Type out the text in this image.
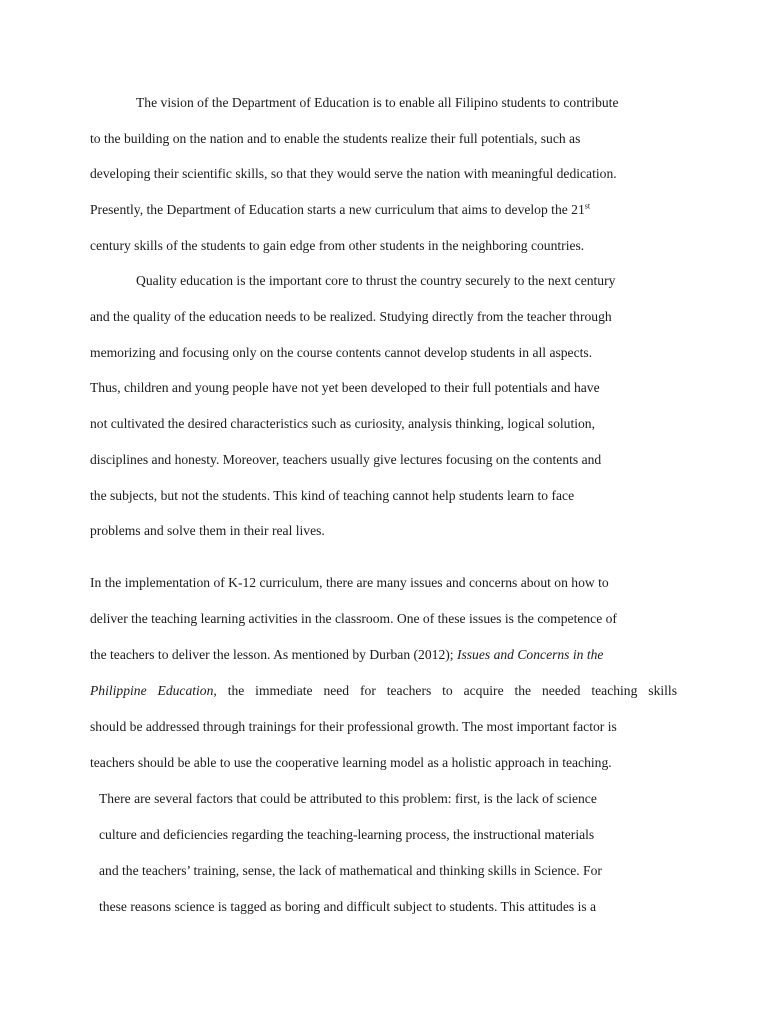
The vision of the Department of Education is to enable all Filipino students to contribute
to the building on the nation and to enable the students realize their full potentials, such as
developing their scientific skills, so that they would serve the nation with meaningful dedication.
Presently, the Department of Education starts a new curriculum that aims to develop the 21st
century skills of the students to gain edge from other students in the neighboring countries.
Quality education is the important core to thrust the country securely to the next century
and the quality of the education needs to be realized. Studying directly from the teacher through
memorizing and focusing only on the course contents cannot develop students in all aspects.
Thus, children and young people have not yet been developed to their full potentials and have
not cultivated the desired characteristics such as curiosity, analysis thinking, logical solution,
disciplines and honesty. Moreover, teachers usually give lectures focusing on the contents and
the subjects, but not the students. This kind of teaching cannot help students learn to face
problems and solve them in their real lives.
In the implementation of K-12 curriculum, there are many issues and concerns about on how to
deliver the teaching learning activities in the classroom. One of these issues is the competence of
the teachers to deliver the lesson. As mentioned by Durban (2012); Issues and Concerns in the
Philippine Education, the immediate need for teachers to acquire the needed teaching skills
should be addressed through trainings for their professional growth. The most important factor is
teachers should be able to use the cooperative learning model as a holistic approach in teaching.
There are several factors that could be attributed to this problem: first, is the lack of science
culture and deficiencies regarding the teaching-learning process, the instructional materials
and the teachers’ training, sense, the lack of mathematical and thinking skills in Science. For
these reasons science is tagged as boring and difficult subject to students. This attitudes is a
